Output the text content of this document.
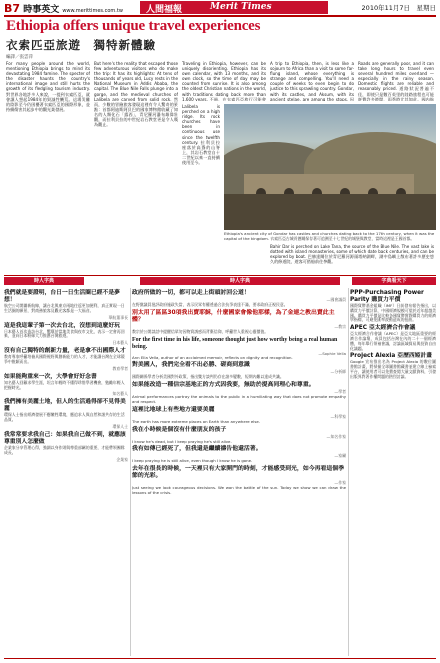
B7 時事英文 www.merittimes.com.tw	人間福報	Merit Times	2010年11月7日　星期日
Ethiopia offers unique travel experiences
衣索匹亞旅遊　獨特新體驗
編譯／張雲萍
For many people around the world, mentioning Ethiopia brings to mind its devastating 1984 famine. The specter of the disaster haunts the country's international image and still hurts the growth of its fledgling tourism industry. 對世界各地許多人來說，一提到衣索匹亞，就會讓人想起1984年的毀滅性饑荒。這場災難的陰影至今仍困擾著衣索匹亞的國際形象，並持續傷害其起步中的觀光業發展。
But here's the reality that escaped those few adventurous visitors who do make the trip: It has its highlights: At tens of thousands of years old, Lucy rests in the National Museum in Addis Ababa, the capital. The Blue Nile Falls plunge into a gorge, and the medieval churches of Lalibela are carved from solid rock. 然而，少數的冒險旅客發現這裡有令人驚奇的景點：首都阿迪斯阿貝巴的國家博物館收藏了知名的人類化石「露西」，青尼羅河瀑布雄偉壯觀，而拉利貝拉的中世紀岩石教堂更是令人嘆為觀止。
Traveling in Ethiopia, however, can be uniquely disorienting. Ethiopia has its own calendar, with 13 months, and its own clock, so the time of day may be counted from sunrise. It is also among the oldest Christian nations in the world, with traditions dating back more than 1,600 years. 不過，在衣索匹亞旅行可能會
A trip to Ethiopia, then, is less like a sojourn to Africa than a visit to some far-flung island, whose everything is strange and compelling. You'll need a couple of weeks to even begin to do justice to this sprawling country. Gondar, with its castles, and Aksum, with its ancient stelae, are among the stops. 因
Roads are generally poor, and it can take long hours to travel even several hundred miles overland — especially in the rainy season. Domestic flights are reliable and reasonably priced. 道路狀況普遍不佳，即使只是數百英里的陸路旅程也可能耗費許多時間，雨季時尤其如此。國內航
Ethiopia's ancient city of Gondar has castles and churches dating back to the 17th century, when it was the capital of the kingdom. 衣索匹亞古城貢德爾保存著可追溯至十七世紀的城堡與教堂，當時這裡是王國首都。
Lalibela is perched on a high ridge. Its rock churches have been in continuous use since the twelfth century. 拉利貝拉座落於高聳的山脊上，其岩石教堂自十二世紀以來一直持續使用至今。
Bahir Dar is perched on Lake Tana, the source of the Blue Nile. The vast lake is dotted with island monasteries, some of which date back centuries, and can be explored by boat. 巴赫達爾位於青尼羅河源頭塔納湖畔，湖中島嶼上散布著許多歷史悠久的修道院，遊客可搭船前往參觀。
時人字典	時人字典	字典看天下
我們就是要證明，台日一日生活圈已經不是夢想！
航空公司開闢新航線，讓台北與東京兩地往返更加便利，真正實現一日生活圈的願景，對商務旅客及觀光客都是一大福音。
華航董事長
這是我這輩子第一次去台北，沒想到這麼好玩
日本藝人首次造訪台北，驚嘆於當地美食與夜市文化，表示一定會再回來，並向日本粉絲大力推薦台灣旅遊。
日本藝人
沒有自己獨特的創新力量，老是拿不出國際人才
教育專家呼籲培養具國際視野與創新能力的人才，才能讓台灣在全球競爭中脫穎而出。
教育學者
如果能夠重來一次，大學會好好念書
知名藝人回顧求學生涯，坦言年輕時不懂得珍惜學習機會，勉勵年輕人把握時光。
知名藝人
我們擁有美麗土地，但人的生活過得卻不見得美麗
環保人士指出經濟發展不應犧牲環境，應追求人與自然和諧共存的生活品質。
環保人士
我常常要求我自己：如果我自己做不到，就應該尊重別人怎麼做
企業家分享管理心得，強調以身作則與尊重部屬的重要，才能帶領團隊成長。
企業家
政府所做的一切，都可以走上街頭討回公道！
—國會議員
在野黨議員批評政府施政失當，表示民眾有權透過合法抗爭表達不滿，要求政府正視民意。
別太用了區區30項我出賣耶穌，什麼國家會像他那樣，為了金連之教出賣此主體？
—教宗
教宗於公開談話中提醒信眾勿因物質誘惑而背棄信仰，呼籲世人重視心靈價值。
For the first time in his life, someone thought just how worthy being a real human being.
—Sophie Vella
Ann Ella Vella, author of an acclaimed memoir, reflects on dignity and recognition.
對美國人，我們完全看不出必勝、磋商到意識
—分析師
國際關係學者分析美國對外政策，指出雙方談判仍存在諸多變數，短期內難以達成共識。
如果能改造一種信宗基地正的方式因我要，無助於提高同理心和尊重。
—學者
Animal performances portray the animals to the public in a humiliating way that does not promote empathy and respect.
這裡比地球上有些地方還要美麗
—科學家
The earth has more extreme places on Earth than anywhere else.
我在小時候是個沒有什麼朋友的孩子
—知名作家
I know he's dead, but I keep praying he's still alive.
我有如傳已經死了，但我還是繼續禱告他還活著。
—家屬
I keep praying he is still alive, even though I know he is gone.
去年在很長的時候，一天裡只有大家開門的時刻，才能感受到光，如今再看這個季節的光彩。
—作家
Just seeing we look courageous decisions. We won the battle of the sun. Today we show we can draw the lessons of the crisis.
PPP-Purchasing Power Parity 購買力平價
國際貨幣基金組織（IMF）日前發布報告指出，以購買力平價計算，中國經濟規模可望於近年超越美國。購買力平價是比較各國貨幣實際購買力的經濟學指標，可避免匯率波動造成的扭曲。
APEC 亞太經濟合作會議
亞太經濟合作會議（APEC）是亞太地區重要的經濟合作論壇，成員包括台灣在內的二十一個經濟體，每年舉行領袖會議，討論區域貿易與投資自由化議題。
Project Alexia 亞歷西婭計畫
Google 宣布推出名為 Project Alexia 的數位圖書館計畫，將掃描全球圖書館藏書並建立線上檢索平台，讓使用者可以免費查閱大量文獻資料，引發出版界對著作權問題的熱烈討論。
